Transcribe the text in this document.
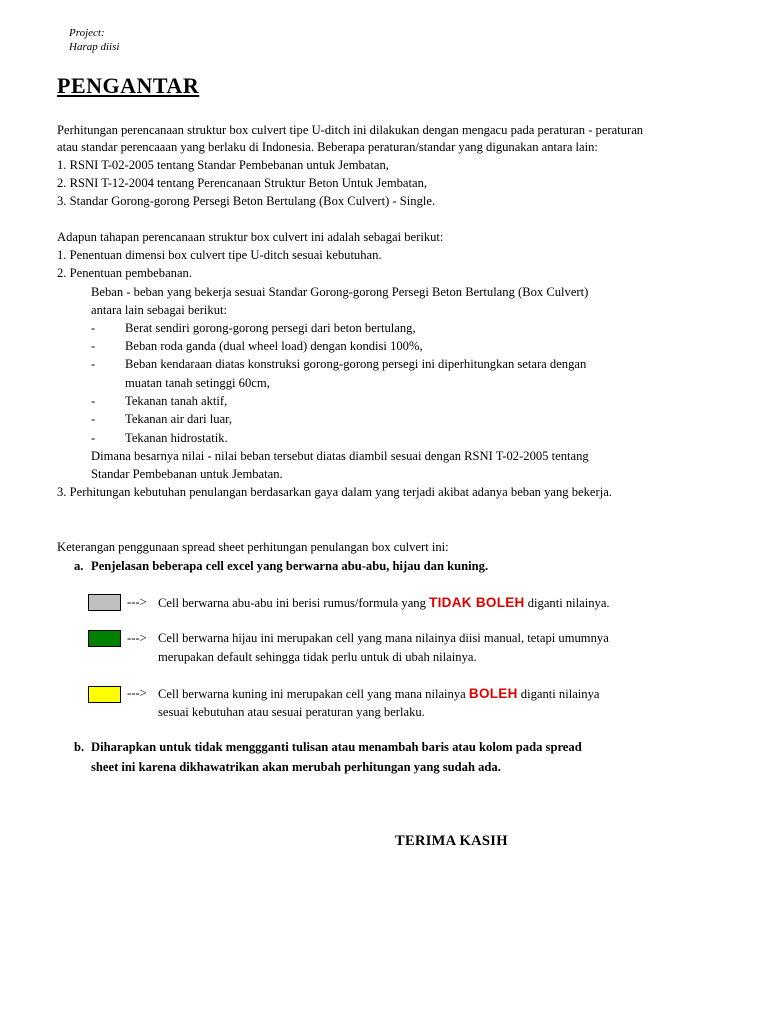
Project:
Harap diisi
PENGANTAR
Perhitungan perencanaan struktur box culvert tipe U-ditch ini dilakukan dengan mengacu pada peraturan - peraturan
atau standar perencaaan yang berlaku di Indonesia. Beberapa peraturan/standar yang digunakan antara lain:
1. RSNI T-02-2005 tentang Standar Pembebanan untuk Jembatan,
2. RSNI T-12-2004 tentang Perencanaan Struktur Beton Untuk Jembatan,
3. Standar Gorong-gorong Persegi Beton Bertulang (Box Culvert) - Single.
Adapun tahapan perencanaan struktur box culvert ini adalah sebagai berikut:
1. Penentuan dimensi box culvert tipe U-ditch sesuai kebutuhan.
2. Penentuan pembebanan.
Beban - beban yang bekerja sesuai Standar Gorong-gorong Persegi Beton Bertulang (Box Culvert)
antara lain sebagai berikut:
- Berat sendiri gorong-gorong persegi dari beton bertulang,
- Beban roda ganda (dual wheel load) dengan kondisi 100%,
- Beban kendaraan diatas konstruksi gorong-gorong persegi ini diperhitungkan setara dengan
muatan tanah setinggi 60cm,
- Tekanan tanah aktif,
- Tekanan air dari luar,
- Tekanan hidrostatik.
Dimana besarnya nilai - nilai beban tersebut diatas diambil sesuai dengan RSNI T-02-2005 tentang
Standar Pembebanan untuk Jembatan.
3. Perhitungan kebutuhan penulangan berdasarkan gaya dalam yang terjadi akibat adanya beban yang bekerja.
Keterangan penggunaan spread sheet perhitungan penulangan box culvert ini:
a. Penjelasan beberapa cell excel yang berwarna abu-abu, hijau dan kuning.
---> Cell berwarna abu-abu ini berisi rumus/formula yang TIDAK BOLEH diganti nilainya.
---> Cell berwarna hijau ini merupakan cell yang mana nilainya diisi manual, tetapi umumnya
merupakan default sehingga tidak perlu untuk di ubah nilainya.
---> Cell berwarna kuning ini merupakan cell yang mana nilainya BOLEH diganti nilainya
sesuai kebutuhan atau sesuai peraturan yang berlaku.
b. Diharapkan untuk tidak menggganti tulisan atau menambah baris atau kolom pada spread
sheet ini karena dikhawatrikan akan merubah perhitungan yang sudah ada.
TERIMA KASIH
